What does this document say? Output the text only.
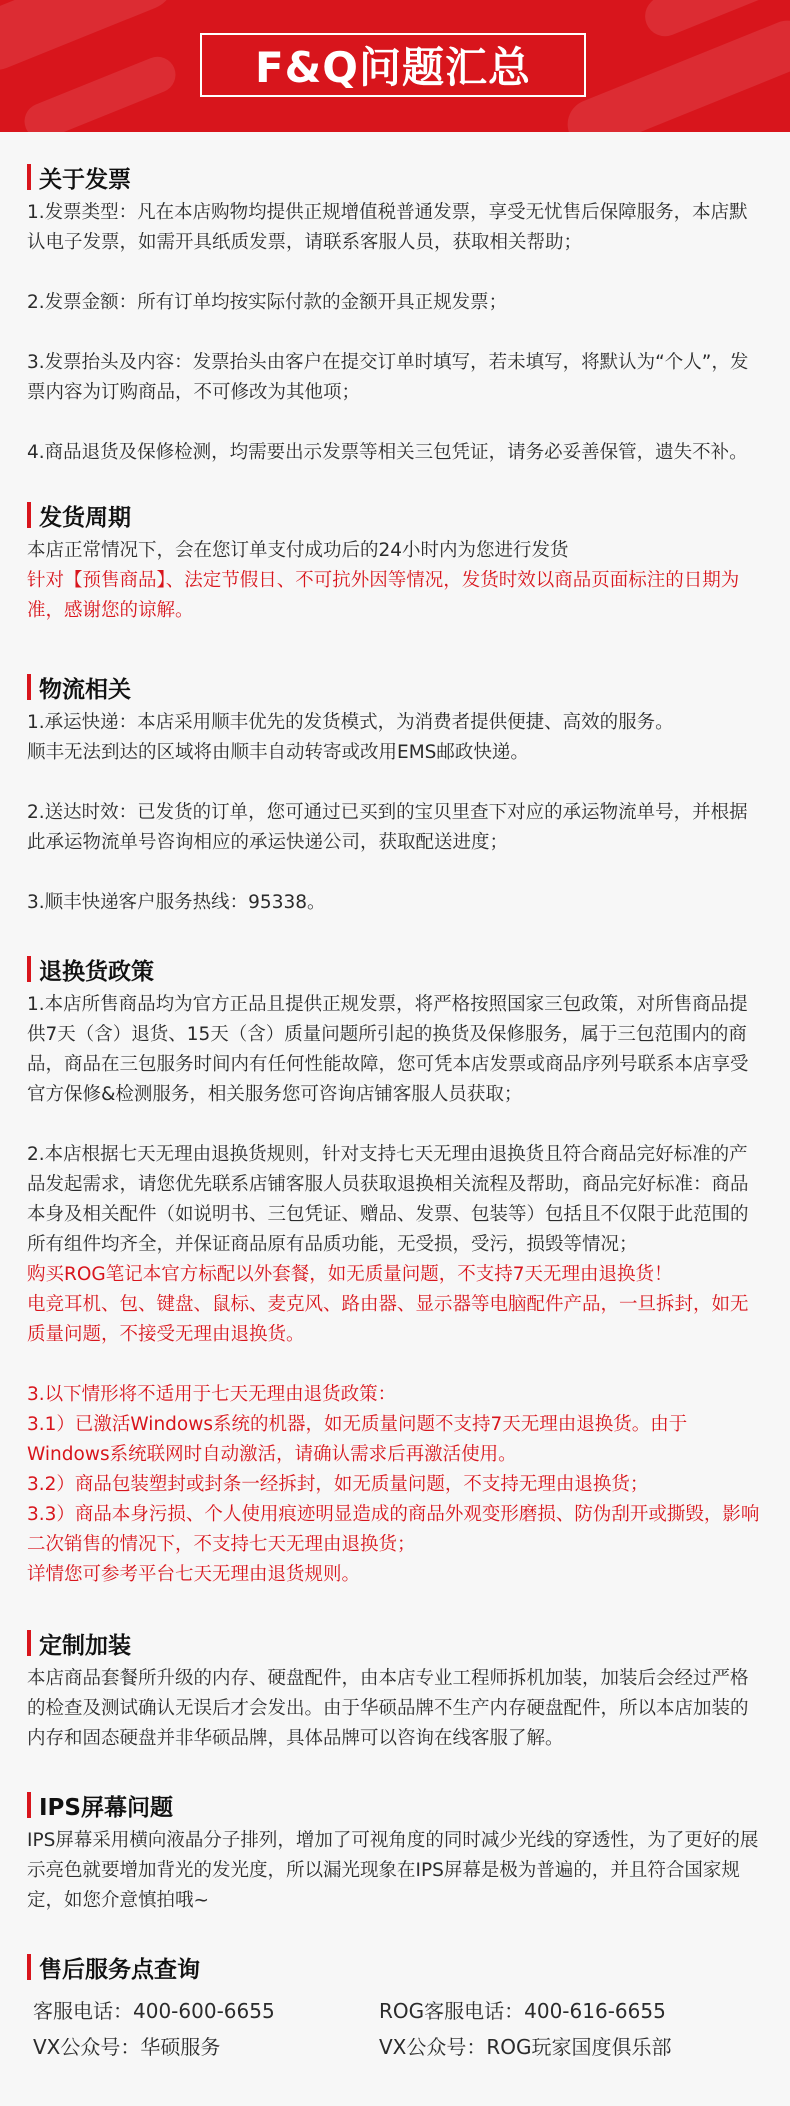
F&Q问题汇总
关于发票

1.发票类型：凡在本店购物均提供正规增值税普通发票，享受无忧售后保障服务，本店默认电子发票，如需开具纸质发票，请联系客服人员，获取相关帮助；

2.发票金额：所有订单均按实际付款的金额开具正规发票；

3.发票抬头及内容：发票抬头由客户在提交订单时填写，若未填写，将默认为“个人”，发票内容为订购商品，不可修改为其他项；

4.商品退货及保修检测，均需要出示发票等相关三包凭证，请务必妥善保管，遗失不补。

发货周期

本店正常情况下，会在您订单支付成功后的24小时内为您进行发货

针对【预售商品】、法定节假日、不可抗外因等情况，发货时效以商品页面标注的日期为准，感谢您的谅解。

物流相关

1.承运快递：本店采用顺丰优先的发货模式，为消费者提供便捷、高效的服务。
顺丰无法到达的区域将由顺丰自动转寄或改用EMS邮政快递。

2.送达时效：已发货的订单，您可通过已买到的宝贝里查下对应的承运物流单号，并根据此承运物流单号咨询相应的承运快递公司，获取配送进度；

3.顺丰快递客户服务热线：95338。

退换货政策

1.本店所售商品均为官方正品且提供正规发票，将严格按照国家三包政策，对所售商品提供7天（含）退货、15天（含）质量问题所引起的换货及保修服务，属于三包范围内的商品，商品在三包服务时间内有任何性能故障，您可凭本店发票或商品序列号联系本店享受官方保修&检测服务，相关服务您可咨询店铺客服人员获取；

2.本店根据七天无理由退换货规则，针对支持七天无理由退换货且符合商品完好标准的产品发起需求，请您优先联系店铺客服人员获取退换相关流程及帮助，商品完好标准：商品本身及相关配件（如说明书、三包凭证、赠品、发票、包装等）包括且不仅限于此范围的所有组件均齐全，并保证商品原有品质功能，无受损，受污，损毁等情况；

购买ROG笔记本官方标配以外套餐，如无质量问题，不支持7天无理由退换货！

电竞耳机、包、键盘、鼠标、麦克风、路由器、显示器等电脑配件产品，一旦拆封，如无质量问题，不接受无理由退换货。

3.以下情形将不适用于七天无理由退货政策：
3.1）已激活Windows系统的机器，如无质量问题不支持7天无理由退换货。由于Windows系统联网时自动激活，请确认需求后再激活使用。
3.2）商品包装塑封或封条一经拆封，如无质量问题，不支持无理由退换货；
3.3）商品本身污损、个人使用痕迹明显造成的商品外观变形磨损、防伪刮开或撕毁，影响二次销售的情况下，不支持七天无理由退换货；
详情您可参考平台七天无理由退货规则。

定制加装

本店商品套餐所升级的内存、硬盘配件，由本店专业工程师拆机加装，加装后会经过严格的检查及测试确认无误后才会发出。由于华硕品牌不生产内存硬盘配件，所以本店加装的内存和固态硬盘并非华硕品牌，具体品牌可以咨询在线客服了解。

IPS屏幕问题

IPS屏幕采用横向液晶分子排列，增加了可视角度的同时减少光线的穿透性，为了更好的展示亮色就要增加背光的发光度，所以漏光现象在IPS屏幕是极为普遍的，并且符合国家规定，如您介意慎拍哦~

售后服务点查询
客服电话：400-600-6655	ROG客服电话：400-616-6655
VX公众号：华硕服务	VX公众号：ROG玩家国度俱乐部
